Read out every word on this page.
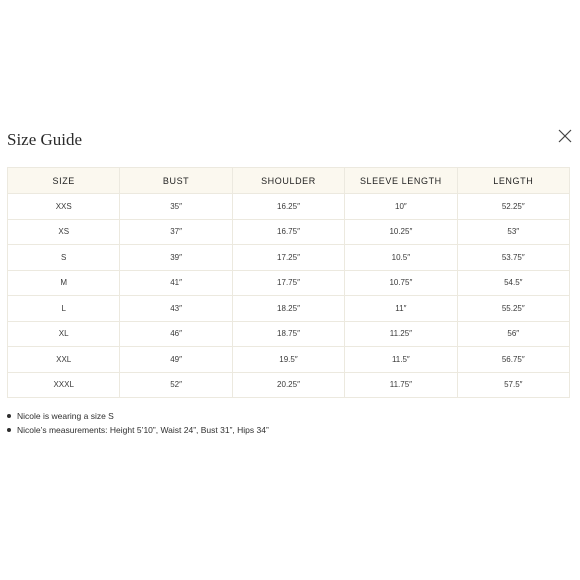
Size Guide
SIZE	BUST	SHOULDER	SLEEVE LENGTH	LENGTH
XXS	35″	16.25″	10″	52.25″
XS	37″	16.75″	10.25″	53″
S	39″	17.25″	10.5″	53.75″
M	41″	17.75″	10.75″	54.5″
L	43″	18.25″	11″	55.25″
XL	46″	18.75″	11.25″	56″
XXL	49″	19.5″	11.5″	56.75″
XXXL	52″	20.25″	11.75″	57.5″
Nicole is wearing a size S
Nicole’s measurements: Height 5’10”, Waist 24”, Bust 31”, Hips 34”
